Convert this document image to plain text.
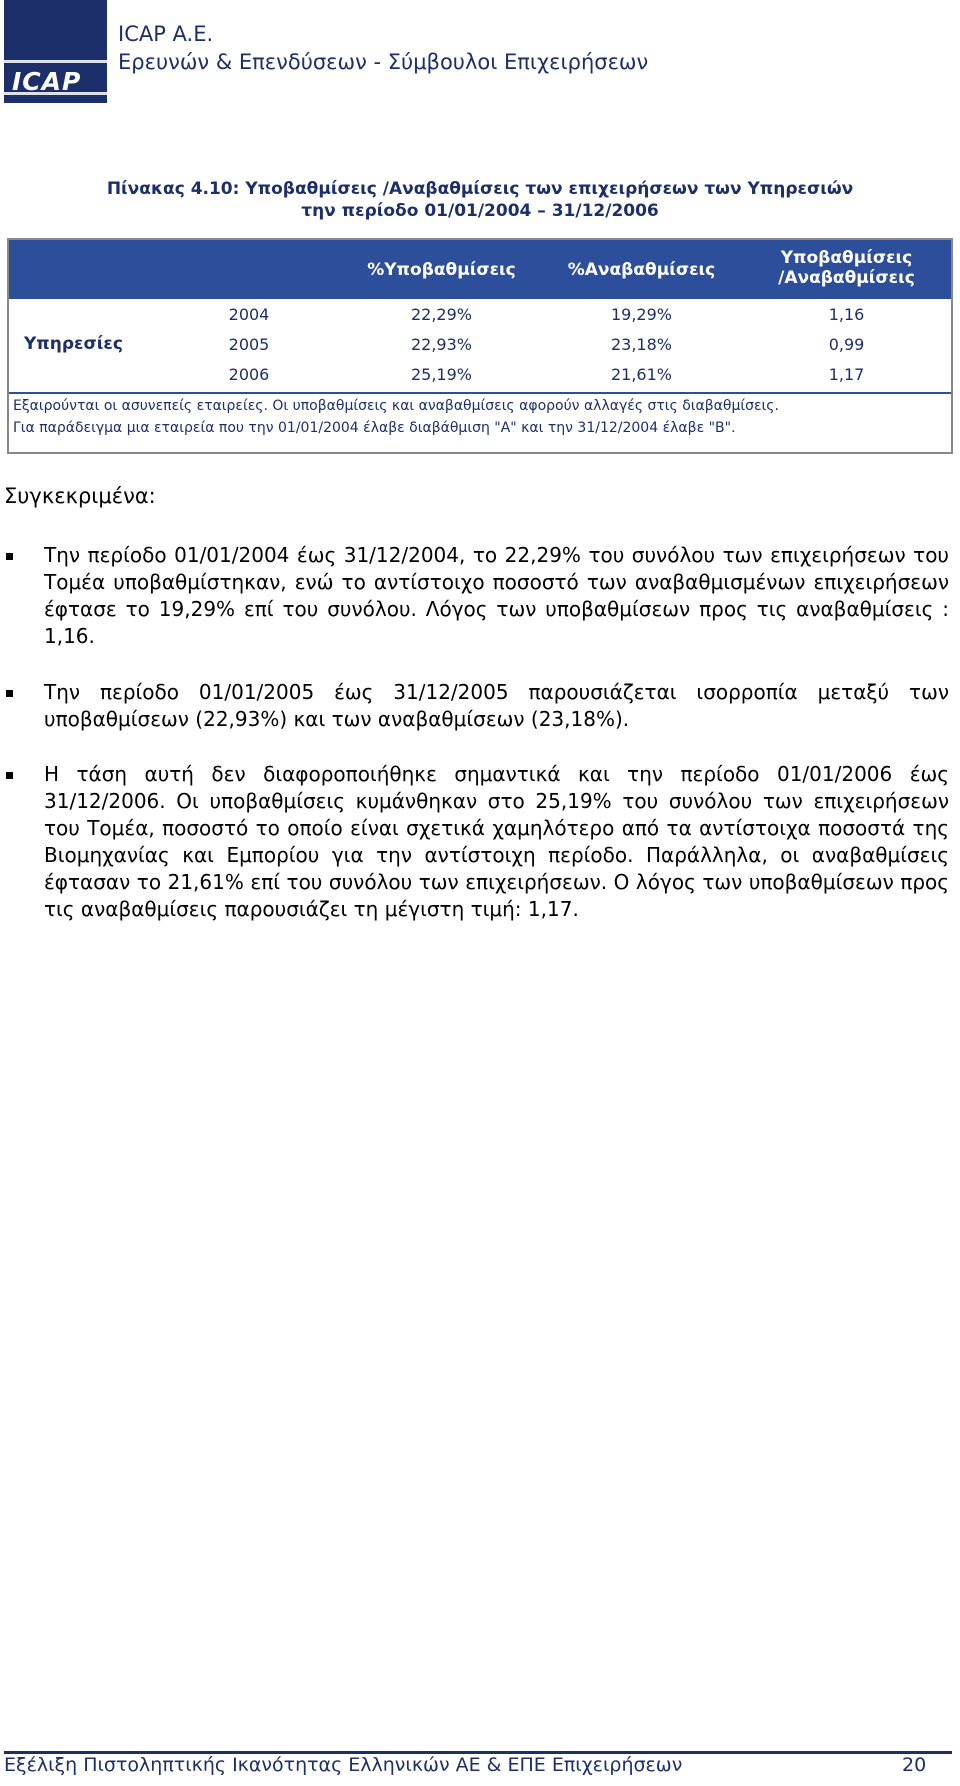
ICAP
ICAP A.E.
Ερευνών & Επενδύσεων - Σύμβουλοι Επιχειρήσεων
Πίνακας 4.10: Υποβαθμίσεις /Αναβαθμίσεις των επιχειρήσεων των Υπηρεσιών
την περίοδο 01/01/2004 – 31/12/2006
%Υποβαθμίσεις	%Αναβαθμίσεις
Υποβαθμίσεις
/Αναβαθμίσεις
Υπηρεσίες
2004	22,29%	19,29%	1,16
2005	22,93%	23,18%	0,99
2006	25,19%	21,61%	1,17
Εξαιρούνται οι ασυνεπείς εταιρείες. Οι υποβαθμίσεις και αναβαθμίσεις αφορούν αλλαγές στις διαβαθμίσεις.
Για παράδειγμα μια εταιρεία που την 01/01/2004 έλαβε διαβάθμιση "Α" και την 31/12/2004 έλαβε "Β".
Συγκεκριμένα:
Την περίοδο 01/01/2004 έως 31/12/2004, το 22,29% του συνόλου των επιχειρήσεων του Τομέα υποβαθμίστηκαν, ενώ το αντίστοιχο ποσοστό των αναβαθμισμένων επιχειρήσεων έφτασε το 19,29% επί του συνόλου. Λόγος των υποβαθμίσεων προς τις αναβαθμίσεις : 1,16.
Την περίοδο 01/01/2005 έως 31/12/2005 παρουσιάζεται ισορροπία μεταξύ των υποβαθμίσεων (22,93%) και των αναβαθμίσεων (23,18%).
Η τάση αυτή δεν διαφοροποιήθηκε σημαντικά και την περίοδο 01/01/2006 έως 31/12/2006. Οι υποβαθμίσεις κυμάνθηκαν στο 25,19% του συνόλου των επιχειρήσεων του Τομέα, ποσοστό το οποίο είναι σχετικά χαμηλότερο από τα αντίστοιχα ποσοστά της Βιομηχανίας και Εμπορίου για την αντίστοιχη περίοδο. Παράλληλα, οι αναβαθμίσεις έφτασαν το 21,61% επί του συνόλου των επιχειρήσεων. Ο λόγος των υποβαθμίσεων προς τις αναβαθμίσεις παρουσιάζει τη μέγιστη τιμή: 1,17.
Εξέλιξη Πιστοληπτικής Ικανότητας Ελληνικών ΑΕ & ΕΠΕ Επιχειρήσεων	20
